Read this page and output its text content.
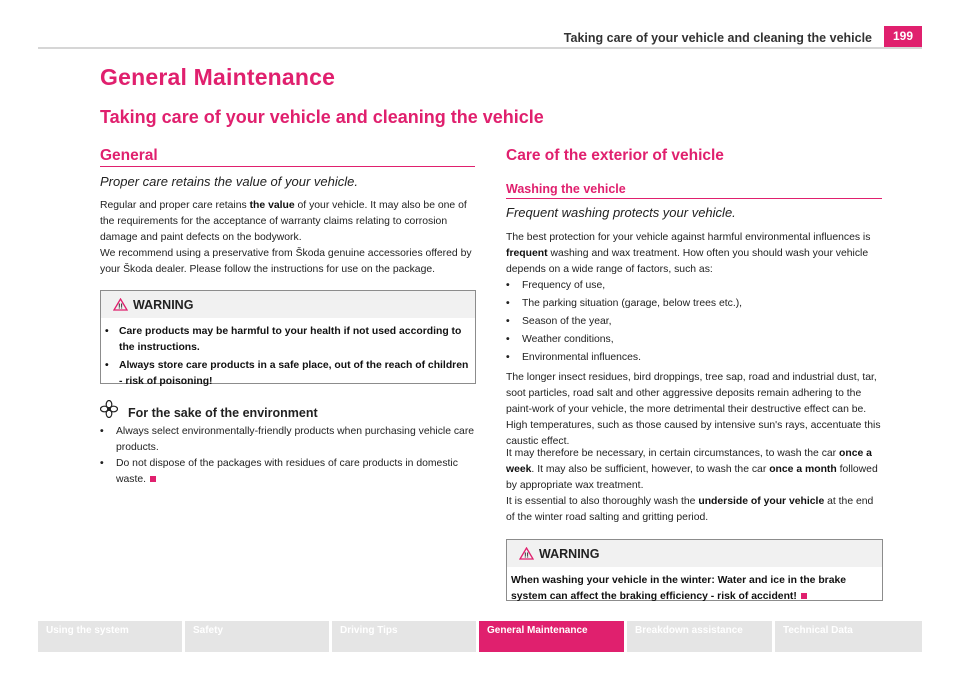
Taking care of your vehicle and cleaning the vehicle	199
General Maintenance
Taking care of your vehicle and cleaning the vehicle
General
Proper care retains the value of your vehicle.
Regular and proper care retains the value of your vehicle. It may also be one of the requirements for the acceptance of warranty claims relating to corrosion damage and paint defects on the bodywork.
We recommend using a preservative from Škoda genuine accessories offered by your Škoda dealer. Please follow the instructions for use on the package.
!! WARNING
• Care products may be harmful to your health if not used according to the instructions.
• Always store care products in a safe place, out of the reach of children - risk of poisoning!
For the sake of the environment
• Always select environmentally-friendly products when purchasing vehicle care products.
• Do not dispose of the packages with residues of care products in domestic waste.
Care of the exterior of vehicle
Washing the vehicle
Frequent washing protects your vehicle.
The best protection for your vehicle against harmful environmental influences is frequent washing and wax treatment. How often you should wash your vehicle depends on a wide range of factors, such as:
• Frequency of use,
• The parking situation (garage, below trees etc.),
• Season of the year,
• Weather conditions,
• Environmental influences.
The longer insect residues, bird droppings, tree sap, road and industrial dust, tar, soot particles, road salt and other aggressive deposits remain adhering to the paint-work of your vehicle, the more detrimental their destructive effect can be. High temperatures, such as those caused by intensive sun's rays, accentuate this caustic effect.
It may therefore be necessary, in certain circumstances, to wash the car once a week. It may also be sufficient, however, to wash the car once a month followed by appropriate wax treatment.
It is essential to also thoroughly wash the underside of your vehicle at the end of the winter road salting and gritting period.
!! WARNING
When washing your vehicle in the winter: Water and ice in the brake system can affect the braking efficiency - risk of accident!
Using the system	Safety	Driving Tips	General Maintenance	Breakdown assistance	Technical Data
